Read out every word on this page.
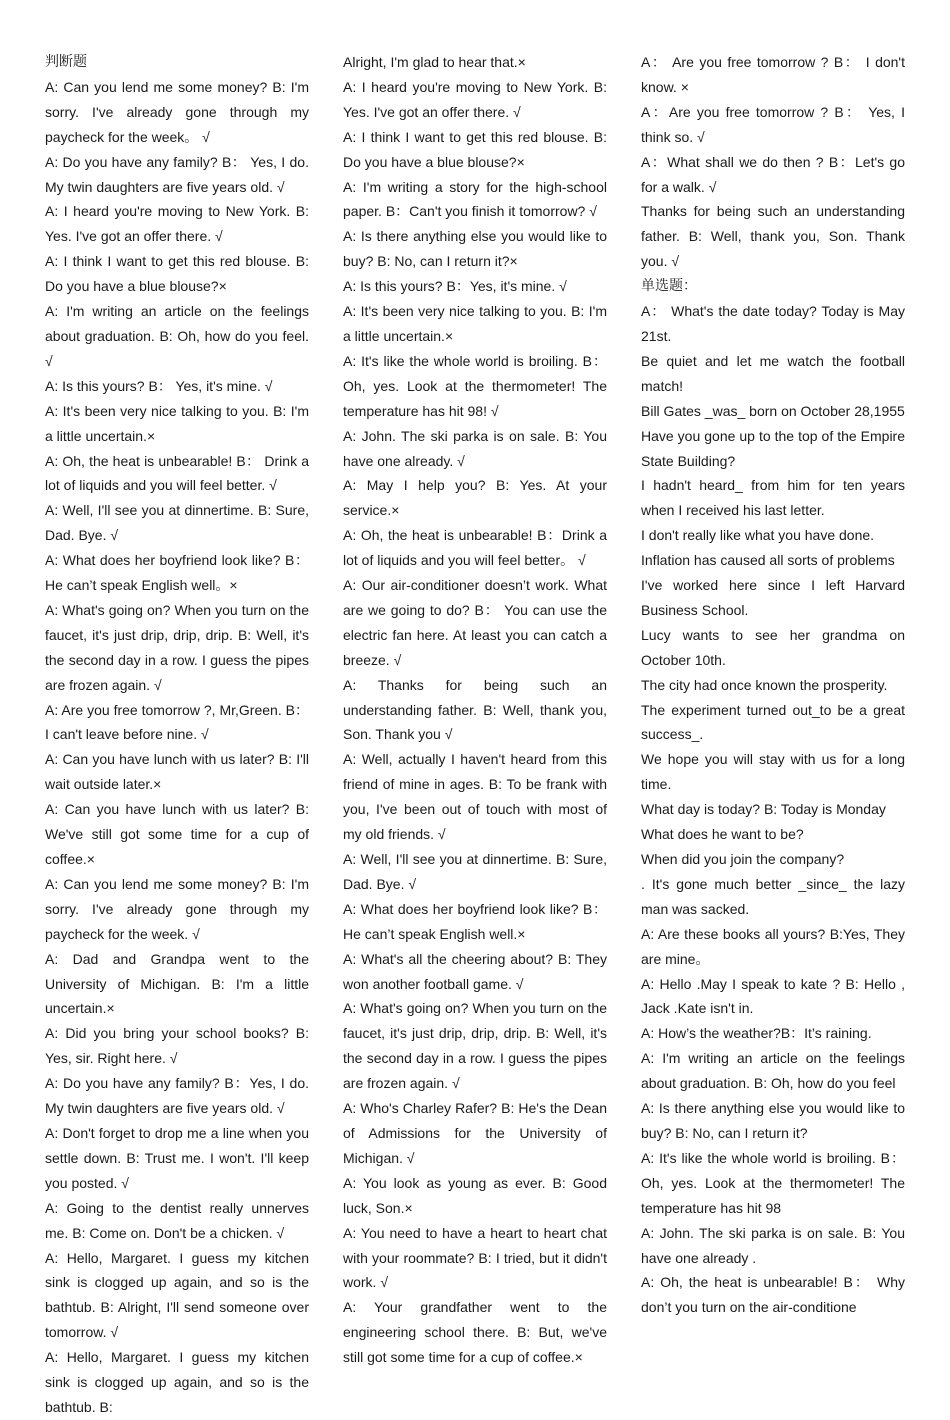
判断题

A: Can you lend me some money? B: I'm sorry. I've already gone through my paycheck for the week。 √

A: Do you have any family? B： Yes, I do. My twin daughters are five years old. √

A: I heard you're moving to New York. B: Yes. I've got an offer there. √

A: I think I want to get this red blouse. B: Do you have a blue blouse?×

A: I'm writing an article on the feelings about graduation. B: Oh, how do you feel. √

A: Is this yours? B： Yes, it's mine. √

A: It's been very nice talking to you. B: I'm a little uncertain.×

A: Oh, the heat is unbearable! B： Drink a lot of liquids and you will feel better. √

A: Well, I'll see you at dinnertime. B: Sure, Dad. Bye. √

A: What does her boyfriend look like? B：He can’t speak English well。×

A: What's going on? When you turn on the faucet, it's just drip, drip, drip. B: Well, it's the second day in a row. I guess the pipes are frozen again. √

A: Are you free tomorrow ?, Mr,Green. B： I can't leave before nine. √

A: Can you have lunch with us later? B: I'll wait outside later.×

A: Can you have lunch with us later? B: We've still got some time for a cup of coffee.×

A: Can you lend me some money? B: I'm sorry. I've already gone through my paycheck for the week. √

A: Dad and Grandpa went to the University of Michigan. B: I'm a little uncertain.×

A: Did you bring your school books? B: Yes, sir. Right here. √

A: Do you have any family? B：Yes, I do. My twin daughters are five years old. √

A: Don't forget to drop me a line when you settle down. B: Trust me. I won't. I'll keep you posted. √

A: Going to the dentist really unnerves me. B: Come on. Don't be a chicken. √

A: Hello, Margaret. I guess my kitchen sink is clogged up again, and so is the bathtub. B: Alright, I'll send someone over tomorrow. √

A: Hello, Margaret. I guess my kitchen sink is clogged up again, and so is the bathtub. B:

Alright, I'm glad to hear that.×

A: I heard you're moving to New York. B: Yes. I've got an offer there. √

A: I think I want to get this red blouse. B: Do you have a blue blouse?×

A: I'm writing a story for the high-school paper. B：Can't you finish it tomorrow? √

A: Is there anything else you would like to buy? B: No, can I return it?×

A: Is this yours? B：Yes, it's mine. √

A: It's been very nice talking to you. B: I'm a little uncertain.×

A: It's like the whole world is broiling. B：Oh, yes. Look at the thermometer! The temperature has hit 98! √

A: John. The ski parka is on sale. B: You have one already. √

A: May I help you? B: Yes. At your service.×

A: Oh, the heat is unbearable! B：Drink a lot of liquids and you will feel better。 √

A: Our air-conditioner doesn’t work. What are we going to do? B： You can use the electric fan here. At least you can catch a breeze. √

A: Thanks for being such an understanding father. B: Well, thank you, Son. Thank you √

A: Well, actually I haven't heard from this friend of mine in ages. B: To be frank with you, I've been out of touch with most of my old friends. √

A: Well, I'll see you at dinnertime. B: Sure, Dad. Bye. √

A: What does her boyfriend look like? B：He can’t speak English well.×

A: What's all the cheering about? B: They won another football game. √

A: What's going on? When you turn on the faucet, it's just drip, drip, drip. B: Well, it's the second day in a row. I guess the pipes are frozen again. √

A: Who's Charley Rafer? B: He's the Dean of Admissions for the University of Michigan. √

A: You look as young as ever. B: Good luck, Son.×

A: You need to have a heart to heart chat with your roommate? B: I tried, but it didn't work. √

A: Your grandfather went to the engineering school there. B: But, we've still got some time for a cup of coffee.×

A： Are you free tomorrow ? B： I don't know. ×

A：Are you free tomorrow ? B： Yes, I think so. √

A：What shall we do then ? B：Let's go for a walk. √

Thanks for being such an understanding father. B: Well, thank you, Son. Thank you. √

单选题：

A： What's the date today? Today is May 21st.

Be quiet and let me watch the football match!

Bill Gates _was_ born on October 28,1955

Have you gone up to the top of the Empire State Building?

I hadn't heard_ from him for ten years when I received his last letter.

I don't really like what you have done.

Inflation has caused all sorts of problems

I've worked here since I left Harvard Business School.

Lucy wants to see her grandma on October 10th.

The city had once known the prosperity.

The experiment turned out_to be a great success_.

We hope you will stay with us for a long time.

What day is today? B: Today is Monday

What does he want to be?

When did you join the company?

. It's gone much better _since_ the lazy man was sacked.

A: Are these books all yours? B:Yes, They are mine。

A: Hello .May I speak to kate ? B: Hello , Jack .Kate isn't in.

A: How’s the weather?B：It’s raining.

A: I'm writing an article on the feelings about graduation. B: Oh, how do you feel

A: Is there anything else you would like to buy? B: No, can I return it?

A: It's like the whole world is broiling. B：Oh, yes. Look at the thermometer! The temperature has hit 98

A: John. The ski parka is on sale. B: You have one already .

A: Oh, the heat is unbearable! B： Why don’t you turn on the air-conditione
